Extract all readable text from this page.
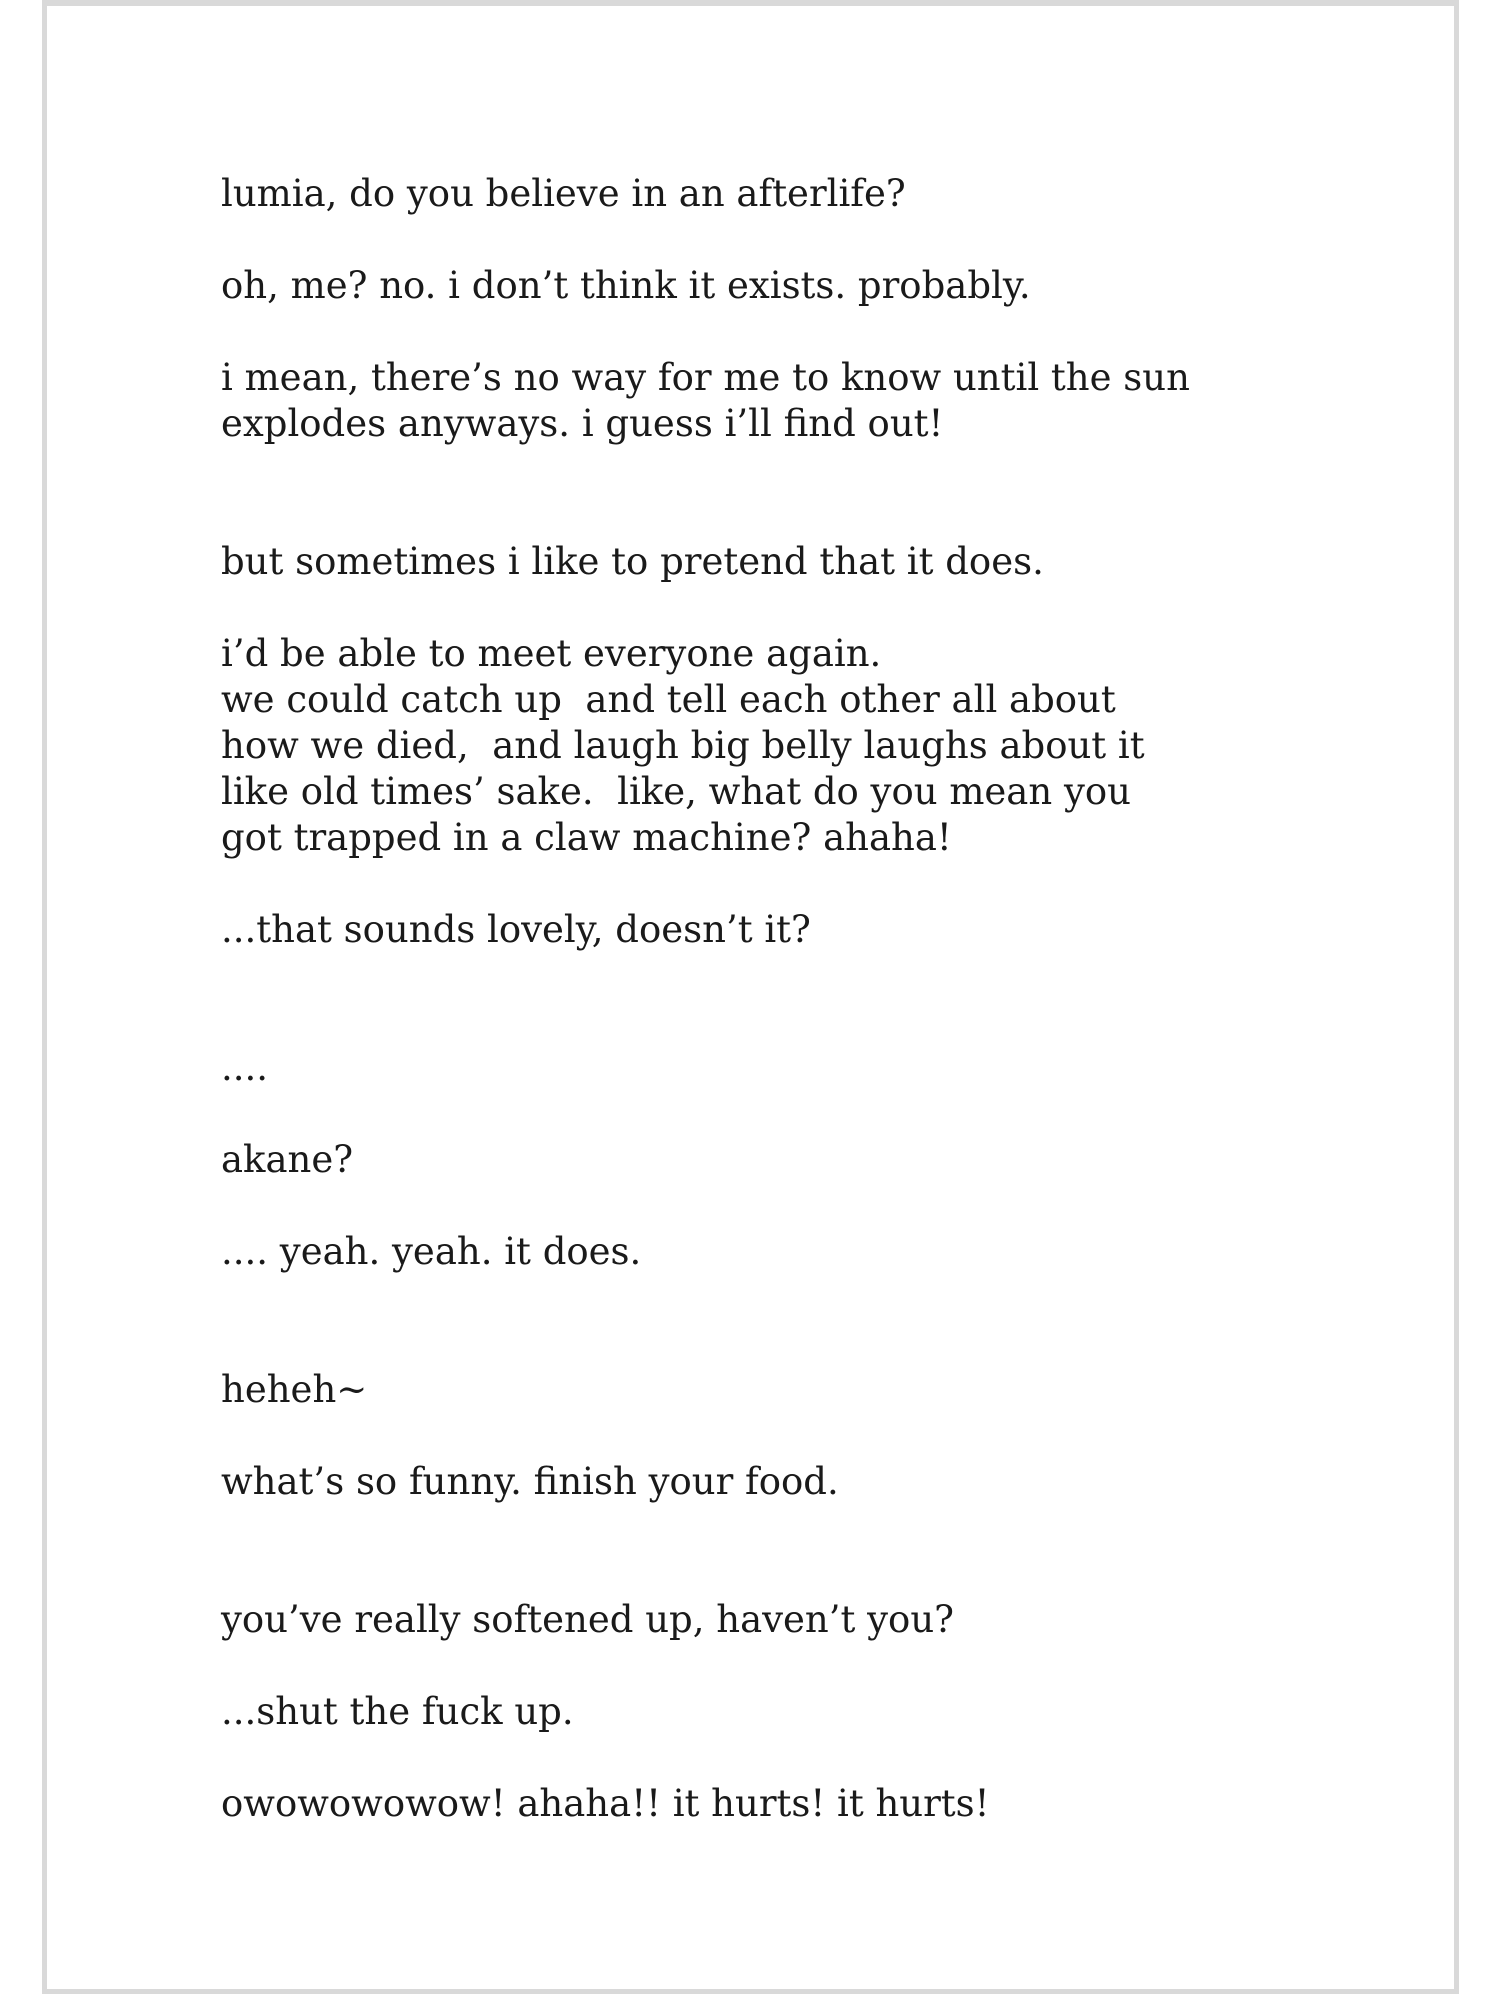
lumia, do you believe in an afterlife?

oh, me? no. i don’t think it exists. probably.

i mean, there’s no way for me to know until the sun

explodes anyways. i guess i’ll find out!

but sometimes i like to pretend that it does.

i’d be able to meet everyone again.

we could catch up  and tell each other all about

how we died,  and laugh big belly laughs about it

like old times’ sake.  like, what do you mean you

got trapped in a claw machine? ahaha!

...that sounds lovely, doesn’t it?

....

akane?

.... yeah. yeah. it does.

heheh~

what’s so funny. finish your food.

you’ve really softened up, haven’t you?

...shut the fuck up.

owowowowow! ahaha!! it hurts! it hurts!
